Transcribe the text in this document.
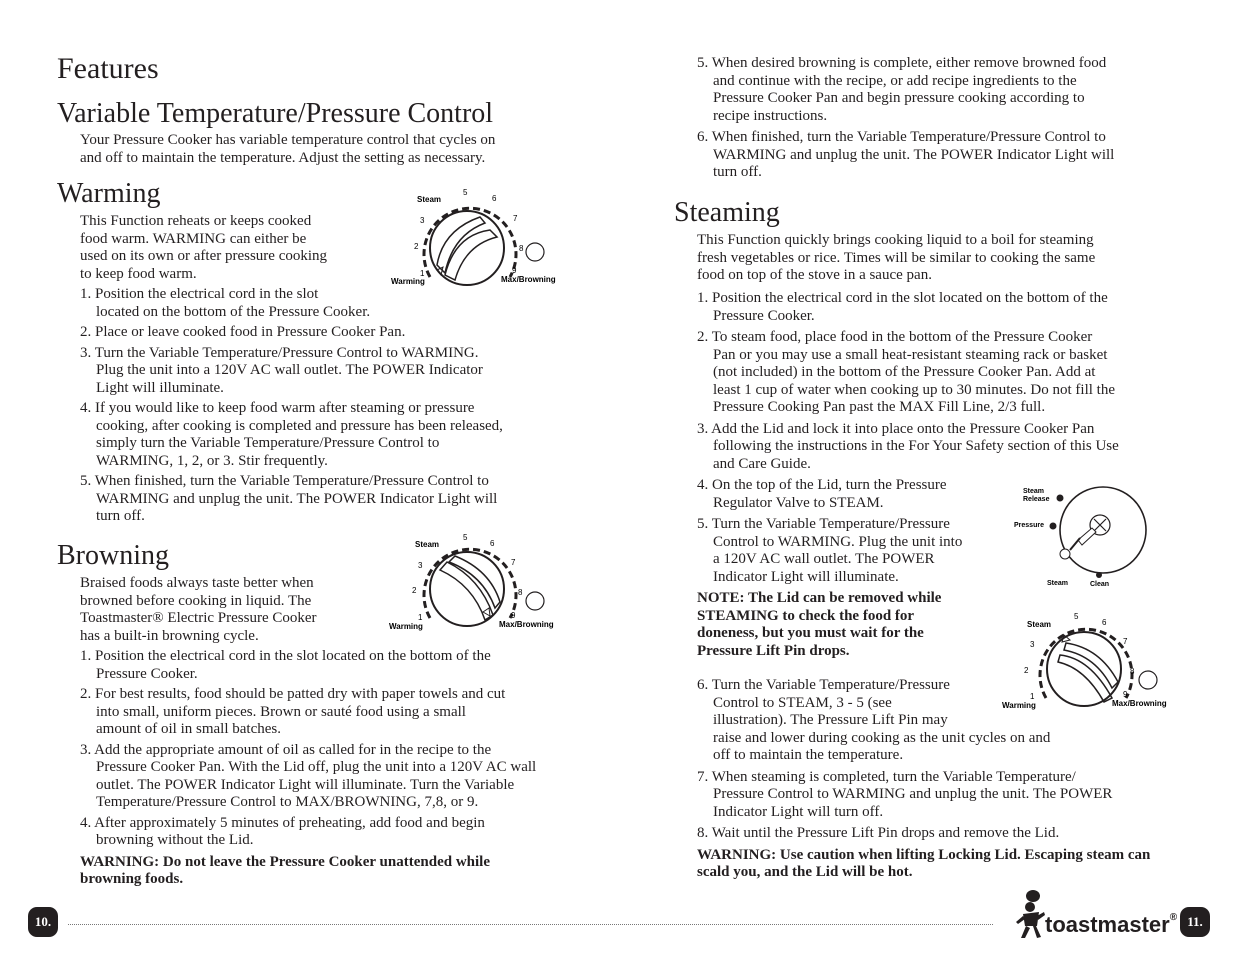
Features
Variable Temperature/Pressure Control

Your Pressure Cooker has variable temperature control that cycles on

and off to maintain the temperature. Adjust the setting as necessary.

Warming

This Function reheats or keeps cooked

food warm. WARMING can either be

used on its own or after pressure cooking

to keep food warm.

1. Position the electrical cord in the slot
located on the bottom of the Pressure Cooker.
2. Place or leave cooked food in Pressure Cooker Pan.
3. Turn the Variable Temperature/Pressure Control to WARMING.
Plug the unit into a 120V AC wall outlet. The POWER Indicator
Light will illuminate.
4. If you would like to keep food warm after steaming or pressure
cooking, after cooking is completed and pressure has been released,
simply turn the Variable Temperature/Pressure Control to
WARMING, 1, 2, or 3. Stir frequently.
5. When finished, turn the Variable Temperature/Pressure Control to
WARMING and unplug the unit. The POWER Indicator Light will
turn off.
Steam
5
6
7
8
9
3
2
1
Warming	Max/Browning
Browning

Braised foods always taste better when

browned before cooking in liquid. The

Toastmaster® Electric Pressure Cooker

has a built-in browning cycle.

Steam
5
6
7
8
9
3
2
1
Warming	Max/Browning
1. Position the electrical cord in the slot located on the bottom of the
Pressure Cooker.
2. For best results, food should be patted dry with paper towels and cut
into small, uniform pieces. Brown or sauté food using a small
amount of oil in small batches.
3. Add the appropriate amount of oil as called for in the recipe to the
Pressure Cooker Pan. With the Lid off, plug the unit into a 120V AC wall
outlet. The POWER Indicator Light will illuminate. Turn the Variable
Temperature/Pressure Control to MAX/BROWNING, 7,8, or 9.
4. After approximately 5 minutes of preheating, add food and begin
browning without the Lid.

WARNING: Do not leave the Pressure Cooker unattended while
browning foods.

10.
5. When desired browning is complete, either remove browned food
and continue with the recipe, or add recipe ingredients to the
Pressure Cooker Pan and begin pressure cooking according to
recipe instructions.
6. When finished, turn the Variable Temperature/Pressure Control to
WARMING and unplug the unit. The POWER Indicator Light will
turn off.
Steaming

This Function quickly brings cooking liquid to a boil for steaming

fresh vegetables or rice. Times will be similar to cooking the same

food on top of the stove in a sauce pan.

1. Position the electrical cord in the slot located on the bottom of the
Pressure Cooker.
2. To steam food, place food in the bottom of the Pressure Cooker
Pan or you may use a small heat-resistant steaming rack or basket
(not included) in the bottom of the Pressure Cooker Pan. Add at
least 1 cup of water when cooking up to 30 minutes. Do not fill the
Pressure Cooking Pan past the MAX Fill Line, 2/3 full.
3. Add the Lid and lock it into place onto the Pressure Cooker Pan
following the instructions in the For Your Safety section of this Use
and Care Guide.
4. On the top of the Lid, turn the Pressure
Regulator Valve to STEAM.
5. Turn the Variable Temperature/Pressure
Control to WARMING. Plug the unit into
a 120V AC wall outlet. The POWER
Indicator Light will illuminate.

NOTE: The Lid can be removed while
STEAMING to check the food for
doneness, but you must wait for the
Pressure Lift Pin drops.

6. Turn the Variable Temperature/Pressure
Control to STEAM, 3 - 5 (see
illustration). The Pressure Lift Pin may
raise and lower during cooking as the unit cycles on and
off to maintain the temperature.
7. When steaming is completed, turn the Variable Temperature/
Pressure Control to WARMING and unplug the unit. The POWER
Indicator Light will turn off.
8. Wait until the Pressure Lift Pin drops and remove the Lid.

WARNING: Use caution when lifting Locking Lid. Escaping steam can
scald you, and the Lid will be hot.

Steam
Release
Pressure
Steam	Clean
Steam
5
6
7
8
9
3
2
1
Warming	Max/Browning
toastmaster® 11.
